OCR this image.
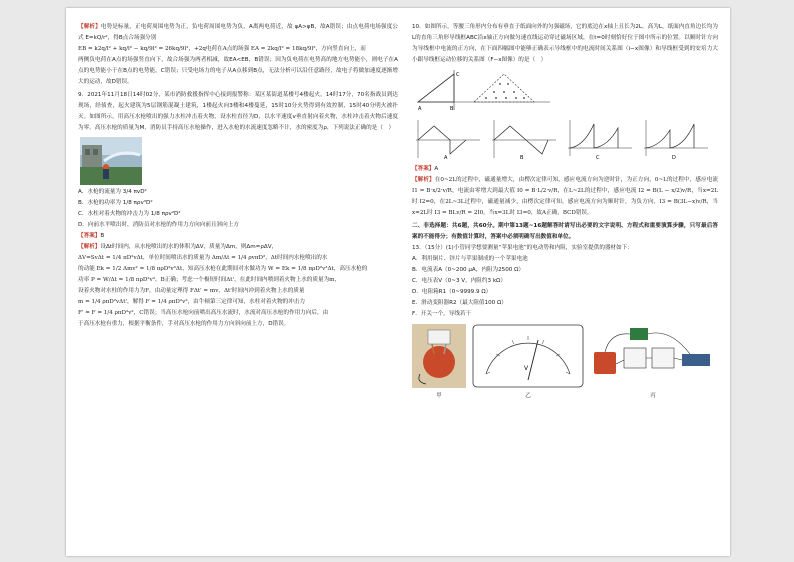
【解析】电势是标量，正电荷周围电势为正，负电荷周围电势为负，A离两电荷近，故 φA>φB，故A错误；由点电荷电场强度公式 E=kQ/r²，得B点合场强分别

EB = k2q/l² + kq/l² − kq/9l² = 26kq/9l²，+2q电荷在A点的场强 EA = 2kq/l² = 18kq/9l²，方向竖直向上，而

两侧负电荷在A点的场强竖直向下，故合场强为两者相减，故EA<EB，B错误；因为负电荷在电势高的地方电势能小，则电子在A点的电势能小于在B点的电势能，C错误；只受电场力的电子从A点移到B点，无法分析可以沿任意路径，故电子将做加速度逐渐增大的运动，故D错误。

9．2021年11月18日14时02分，某市消防救援指挥中心接到报警称：某区某街道某楼号4楼起火，14时17分，70名指战员到达现场，经侦查，起火建筑为5层钢筋混凝土建筑，1楼起火向3楼和4楼蔓延，15时10分火势得到有效控制，15时40分明火被扑灭。如图所示，用高压水枪喷出的强力水柱冲击着火物，设水柱直径为D，以水平速度v垂直射向着火物，水柱冲击着火物后速度为零。高压水枪的质量为M，消防员手持高压水枪操作，进入水枪的水流速度忽略不计，水的密度为ρ，下列说法正确的是（　）

A．水枪的流量为 3/4 πvD²

B．水枪的功率为 1/8 πρv³D²

C．水柱对着火物的冲击力为 1/8 πρv²D²

D．向前水平喷出时，消防员对水枪的作用力方向向前且斜向上方

【答案】B

【解析】设Δt时间内，从水枪喷出的水的体积为ΔV，质量为Δm，则Δm=ρΔV，

ΔV=SvΔt = 1/4 πD²vΔt，单位时间喷出水的质量为 Δm/Δt = 1/4 ρvπD²，Δt时间内水枪喷出的水

的动能 Ek = 1/2 Δmv² = 1/8 πρD²v³Δt，知高压水枪在此期间对水做功为 W = Ek = 1/8 πρD²v³Δt，高压水枪的

功率 P = W/Δt = 1/8 πρD²v³，B正确；考虑一个极短时间Δt'，在此时间内喷到着火物上水的质量为m，

设着火物对水柱的作用力为F，由动量定理得 FΔt' = mv，Δt'时间内冲到着火物上水的质量

m = 1/4 ρπD²vΔt'，解得 F = 1/4 ρπD²v²，由牛顿第三定律可知，水柱对着火物的冲击力

F' = F = 1/4 ρπD²v²，C错误；当高压水枪向前喷出高压水流时，水流对高压水枪的作用力向后，由

于高压水枪有重力，根据平衡条件，手对高压水枪的作用力方向斜向前上方，D错误。

10．如图所示，等腰三角形内分布有垂直于纸面向外的匀强磁场，它的底边在x轴上且长为2L，高为L，纸面内直角边长均为L的直角三角形导线框ABC沿x轴正方向做匀速直线运动穿过磁场区域，在t=0时刻恰好位于图中所示的位置。以顺时针方向为导线框中电流的正方向，在下面四幅图中能够正确表示导线框中的电流时间关系图（i−x图像）和导线框受到的安培力大小跟导线框运动位移的关系图（F−x图像）的是（　）

A	B
C
A	B	C	D

【答案】A

【解析】在0~2L的过程中，磁通量增大，由楞次定律可知，感应电流方向为逆时针，为正方向，0~L的过程中，感应电流 I1 = B·x/2·v/R，电流由零增大到最大值 I0 = B·L/2·v/R，在L~2L的过程中，感应电流 I2 = B(L − x/2)v/R，当x=2L时 I2=0，在2L~3L过程中，磁通量减少，由楞次定律可知，感应电流方向为顺时针，为负方向，I3 = B(3L−x)v/R，当x=2L时 I3 = BLv/R = 2I0，当x=3L时 I3=0，故A正确，BCD错误。

二、非选择题：共6题，共60分。期中第13题~16题解答时请写出必要的文字说明、方程式和重要演算步骤，只写最后答案的不能得分；有数值计算时，答案中必须明确写出数值和单位。

13．（15分）(1)小管同学想要测量“苹果电池”的电动势和内阻，实验室提供的器材如下：

A．利用铜片、锌片与苹果制成的一个苹果电池

B．电流表A（0~200 μA，内阻为2500 Ω）

C．电压表V（0~3 V，内阻约3 kΩ）

D．电阻箱R1（0~9999.9 Ω）

E．滑动变阻器R2（最大阻值100 Ω）

F．开关一个，导线若干

甲
V
乙	丙
